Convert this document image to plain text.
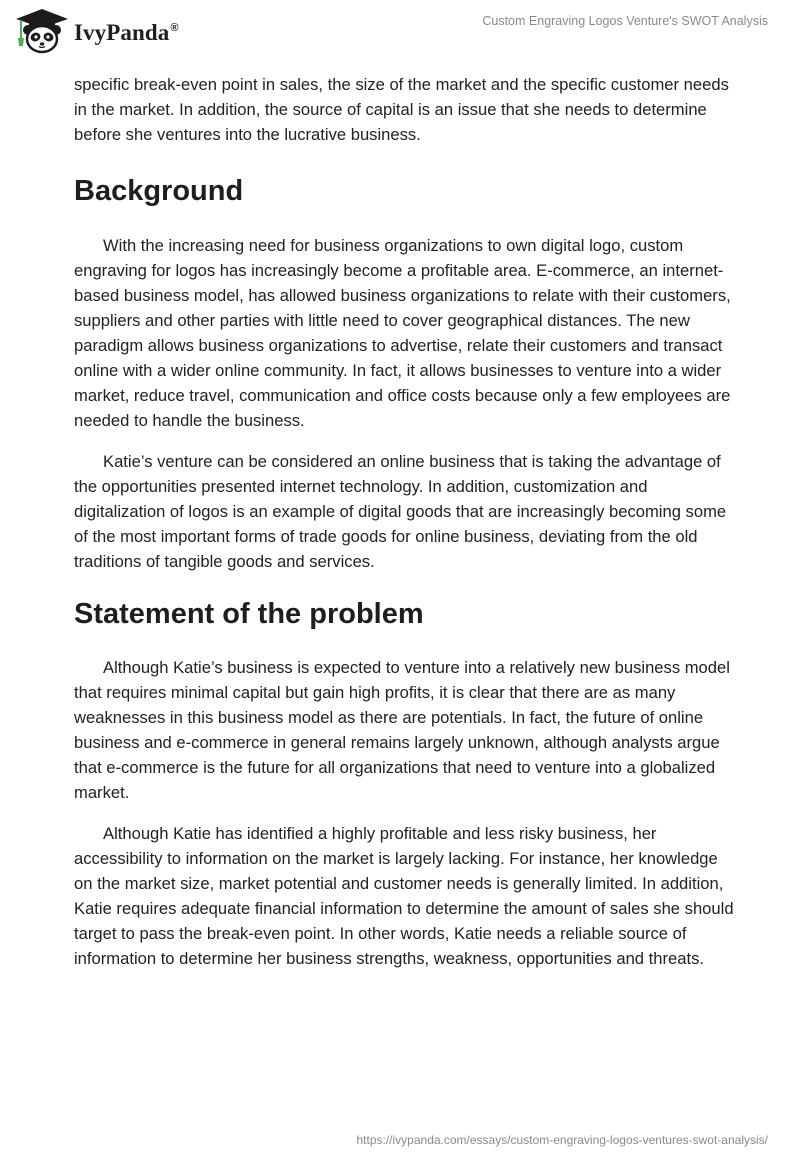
IvyPanda®	Custom Engraving Logos Venture's SWOT Analysis

specific break-even point in sales, the size of the market and the specific customer needs in the market. In addition, the source of capital is an issue that she needs to determine before she ventures into the lucrative business.

Background

With the increasing need for business organizations to own digital logo, custom engraving for logos has increasingly become a profitable area. E-commerce, an internet-based business model, has allowed business organizations to relate with their customers, suppliers and other parties with little need to cover geographical distances. The new paradigm allows business organizations to advertise, relate their customers and transact online with a wider online community. In fact, it allows businesses to venture into a wider market, reduce travel, communication and office costs because only a few employees are needed to handle the business.

Katie’s venture can be considered an online business that is taking the advantage of the opportunities presented internet technology. In addition, customization and digitalization of logos is an example of digital goods that are increasingly becoming some of the most important forms of trade goods for online business, deviating from the old traditions of tangible goods and services.

Statement of the problem

Although Katie’s business is expected to venture into a relatively new business model that requires minimal capital but gain high profits, it is clear that there are as many weaknesses in this business model as there are potentials. In fact, the future of online business and e-commerce in general remains largely unknown, although analysts argue that e-commerce is the future for all organizations that need to venture into a globalized market.

Although Katie has identified a highly profitable and less risky business, her accessibility to information on the market is largely lacking. For instance, her knowledge on the market size, market potential and customer needs is generally limited. In addition, Katie requires adequate financial information to determine the amount of sales she should target to pass the break-even point. In other words, Katie needs a reliable source of information to determine her business strengths, weakness, opportunities and threats.

https://ivypanda.com/essays/custom-engraving-logos-ventures-swot-analysis/
